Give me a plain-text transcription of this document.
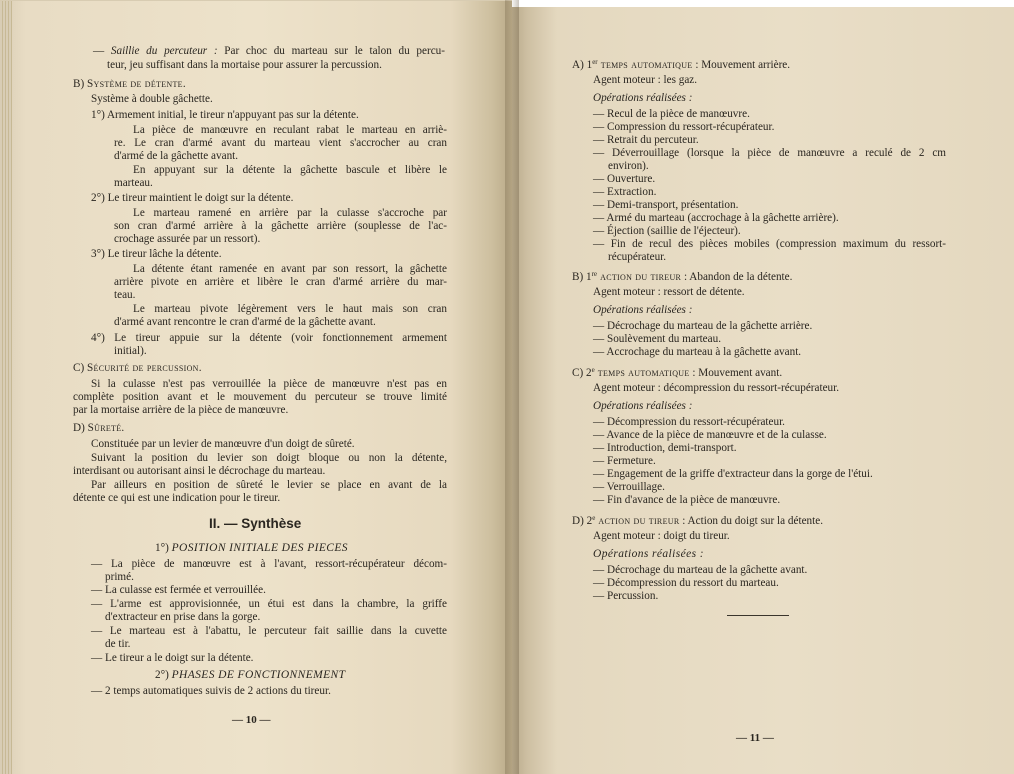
— Saillie du percuteur : Par choc du marteau sur le talon du percu-
teur, jeu suffisant dans la mortaise pour assurer la percussion.
B) Système de détente.
Système à double gâchette.
1°) Armement initial, le tireur n'appuyant pas sur la détente.
La pièce de manœuvre en reculant rabat le marteau en arriè-
re. Le cran d'armé avant du marteau vient s'accrocher au cran
d'armé de la gâchette avant.
En appuyant sur la détente la gâchette bascule et libère le
marteau.
2°) Le tireur maintient le doigt sur la détente.
Le marteau ramené en arrière par la culasse s'accroche par
son cran d'armé arrière à la gâchette arrière (souplesse de l'ac-
crochage assurée par un ressort).
3°) Le tireur lâche la détente.
La détente étant ramenée en avant par son ressort, la gâchette
arrière pivote en arrière et libère le cran d'armé arrière du mar-
teau.
Le marteau pivote légèrement vers le haut mais son cran
d'armé avant rencontre le cran d'armé de la gâchette avant.
4°) Le tireur appuie sur la détente (voir fonctionnement armement
initial).
C) Sécurité de percussion.
Si la culasse n'est pas verrouillée la pièce de manœuvre n'est pas en
complète position avant et le mouvement du percuteur se trouve limité
par la mortaise arrière de la pièce de manœuvre.
D) Sûreté.
Constituée par un levier de manœuvre d'un doigt de sûreté.
Suivant la position du levier son doigt bloque ou non la détente,
interdisant ou autorisant ainsi le décrochage du marteau.
Par ailleurs en position de sûreté le levier se place en avant de la
détente ce qui est une indication pour le tireur.
1°) POSITION INITIALE DES PIECES
— La pièce de manœuvre est à l'avant, ressort-récupérateur décom-
primé.
— La culasse est fermée et verrouillée.
— L'arme est approvisionnée, un étui est dans la chambre, la griffe
d'extracteur en prise dans la gorge.
— Le marteau est à l'abattu, le percuteur fait saillie dans la cuvette
de tir.
— Le tireur a le doigt sur la détente.
2°) PHASES DE FONCTIONNEMENT
— 2 temps automatiques suivis de 2 actions du tireur.
II. — Synthèse
— 10 —
A) 1er temps automatique : Mouvement arrière.
Agent moteur : les gaz.
Opérations réalisées :
— Recul de la pièce de manœuvre.
— Compression du ressort-récupérateur.
— Retrait du percuteur.
— Déverrouillage (lorsque la pièce de manœuvre a reculé de 2 cm
environ).
— Ouverture.
— Extraction.
— Demi-transport, présentation.
— Armé du marteau (accrochage à la gâchette arrière).
— Éjection (saillie de l'éjecteur).
— Fin de recul des pièces mobiles (compression maximum du ressort-
récupérateur.
B) 1re action du tireur : Abandon de la détente.
Agent moteur : ressort de détente.
Opérations réalisées :
— Décrochage du marteau de la gâchette arrière.
— Soulèvement du marteau.
— Accrochage du marteau à la gâchette avant.
C) 2e temps automatique : Mouvement avant.
Agent moteur : décompression du ressort-récupérateur.
Opérations réalisées :
— Décompression du ressort-récupérateur.
— Avance de la pièce de manœuvre et de la culasse.
— Introduction, demi-transport.
— Fermeture.
— Engagement de la griffe d'extracteur dans la gorge de l'étui.
— Verrouillage.
— Fin d'avance de la pièce de manœuvre.
D) 2e action du tireur : Action du doigt sur la détente.
Agent moteur : doigt du tireur.
Opérations réalisées :
— Décrochage du marteau de la gâchette avant.
— Décompression du ressort du marteau.
— Percussion.
— 11 —
